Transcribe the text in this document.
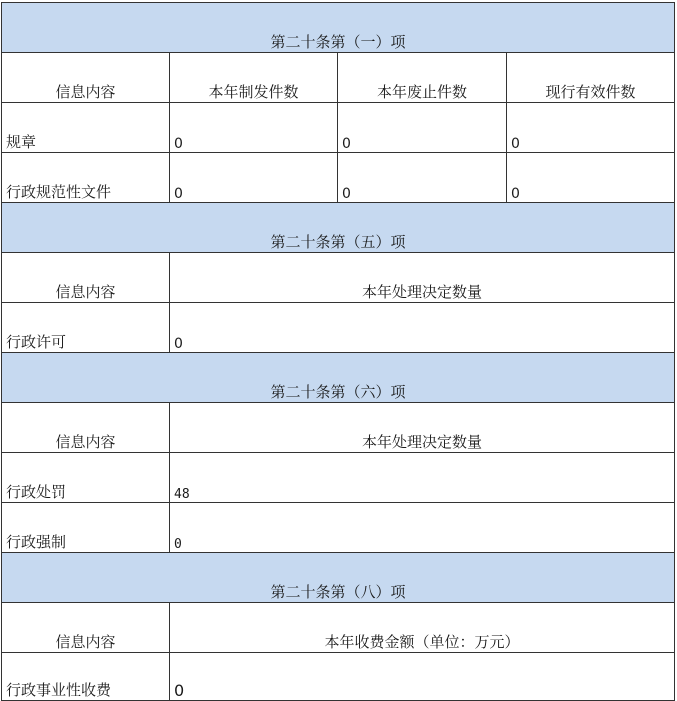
第二十条第（一）项			
信息内容	本年制发件数	本年废止件数	现行有效件数
规章	0	0	0
行政规范性文件	0	0	0
第二十条第（五）项			
信息内容	本年处理决定数量		
行政许可	0		
第二十条第（六）项			
信息内容	本年处理决定数量		
行政处罚	48		
行政强制	0		
第二十条第（八）项			
信息内容	本年收费金额（单位：万元）		
行政事业性收费	0		
